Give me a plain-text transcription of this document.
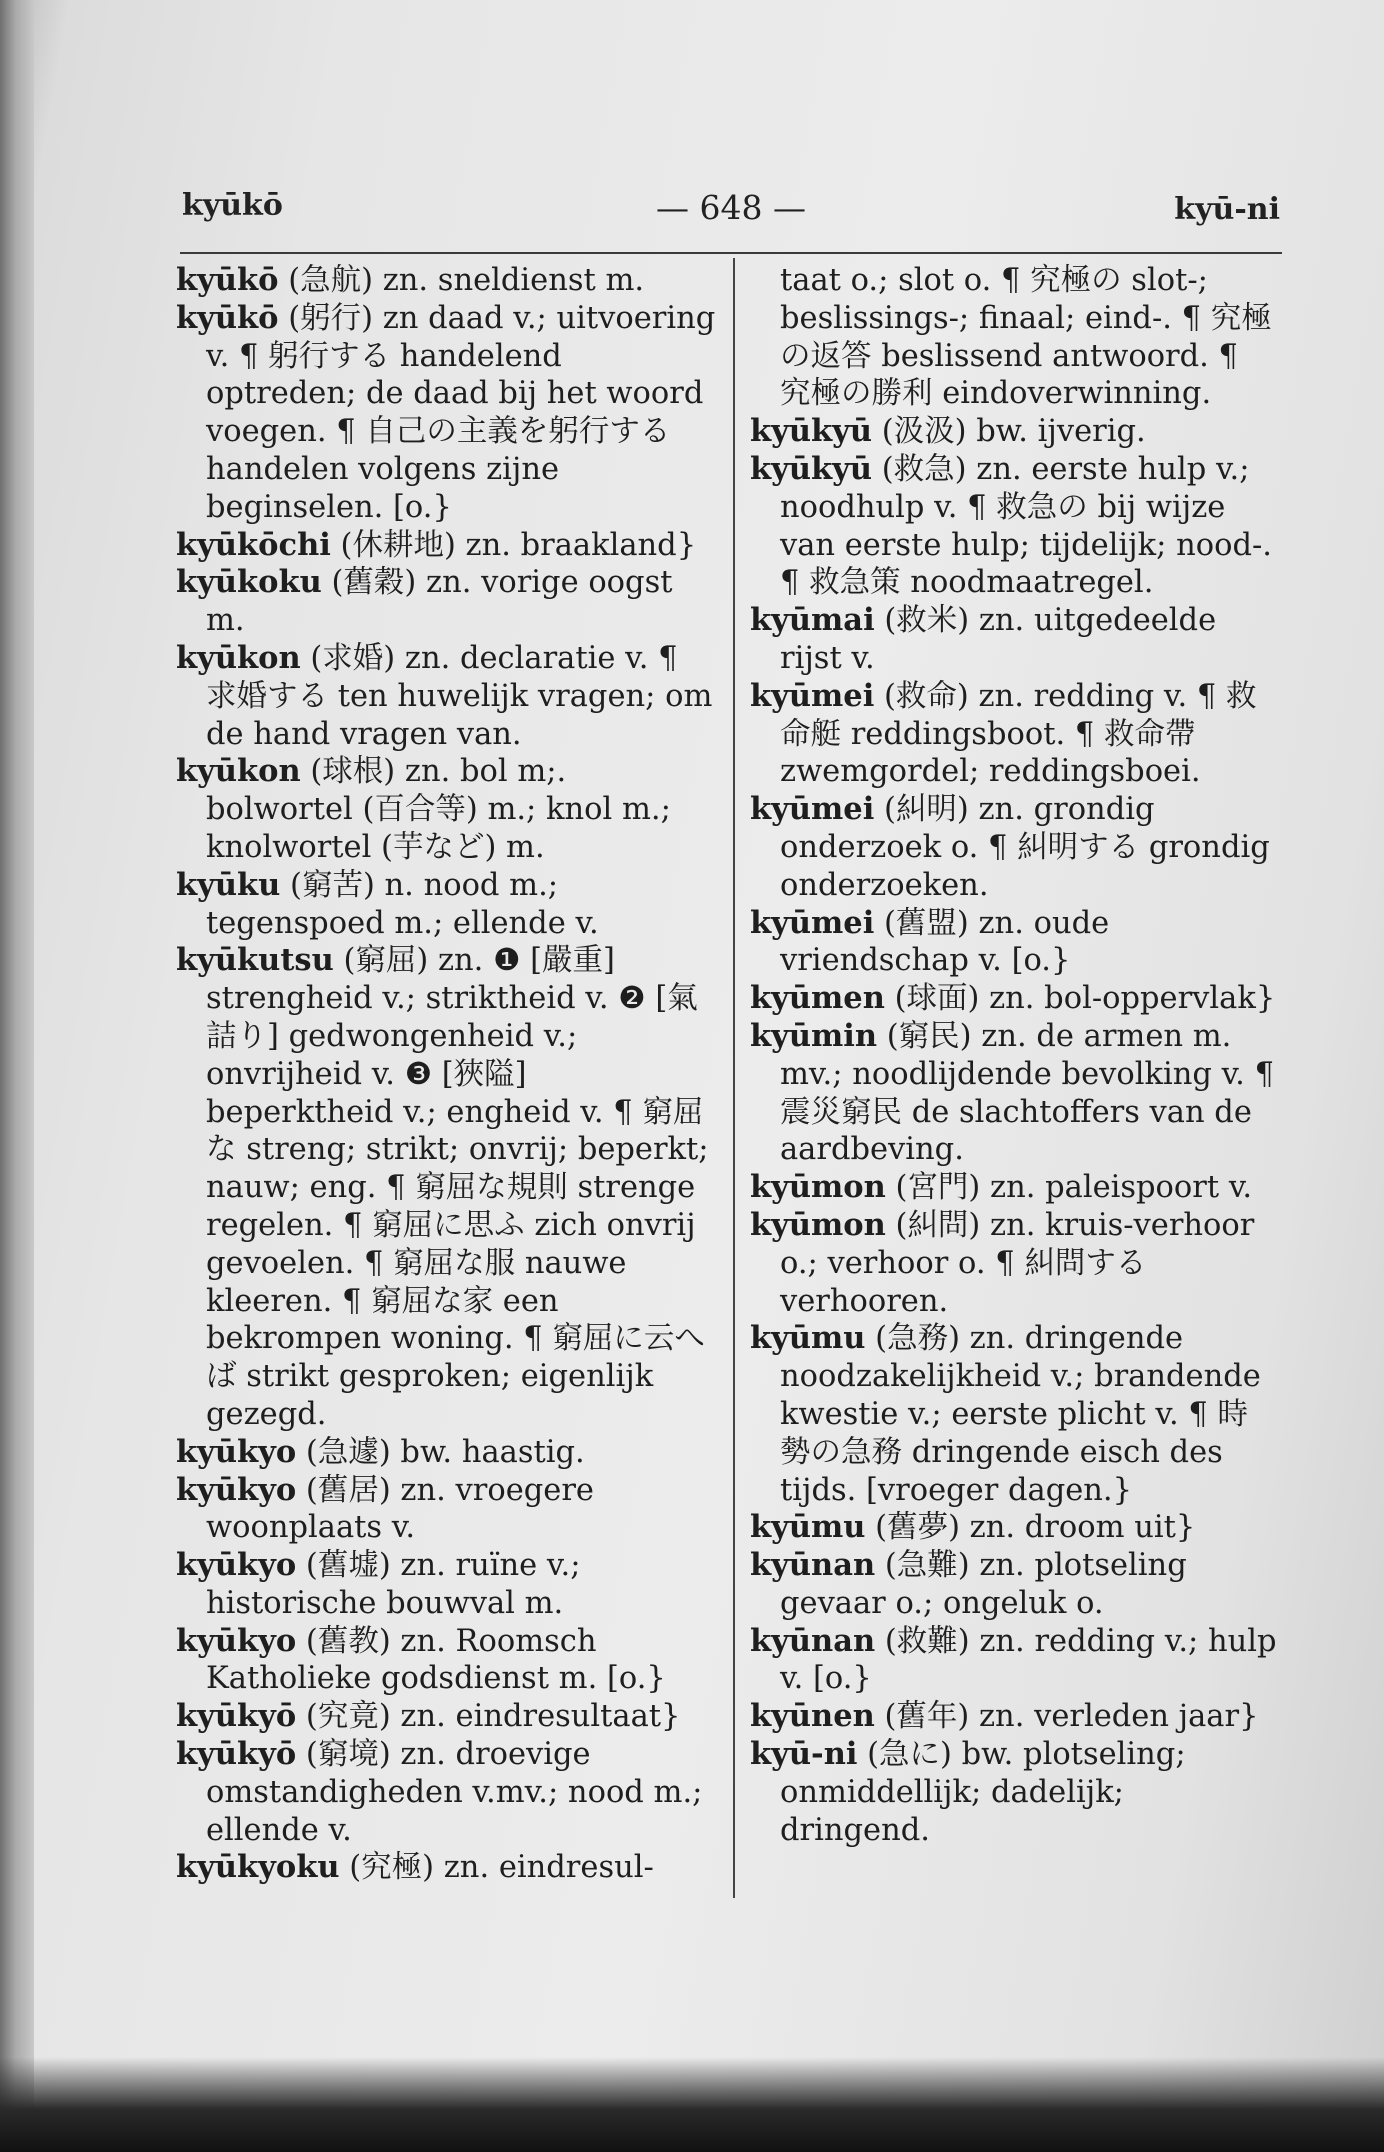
kyūkō	— 648 —	kyū-ni

kyūkō (急航) zn. sneldienst m.

kyūkō (躬行) zn daad v.; uitvoering v. ¶ 躬行する handelend optreden; de daad bij het woord voegen. ¶ 自己の主義を躬行する handelen volgens zijne beginselen. [o.}

kyūkōchi (休耕地) zn. braakland}

kyūkoku (舊穀) zn. vorige oogst m.

kyūkon (求婚) zn. declaratie v. ¶ 求婚する ten huwelijk vragen; om de hand vragen van.

kyūkon (球根) zn. bol m;. bolwortel (百合等) m.; knol m.; knolwortel (芋など) m.

kyūku (窮苦) n. nood m.; tegenspoed m.; ellende v.

kyūkutsu (窮屈) zn. ❶ [嚴重] strengheid v.; striktheid v. ❷ [氣詰り] gedwongenheid v.; onvrijheid v. ❸ [狹隘] beperktheid v.; engheid v. ¶ 窮屈な streng; strikt; onvrij; beperkt; nauw; eng. ¶ 窮屈な規則 strenge regelen. ¶ 窮屈に思ふ zich onvrij gevoelen. ¶ 窮屈な服 nauwe kleeren. ¶ 窮屈な家 een bekrompen woning. ¶ 窮屈に云へば strikt gesproken; eigenlijk gezegd.

kyūkyo (急遽) bw. haastig.

kyūkyo (舊居) zn. vroegere woonplaats v.

kyūkyo (舊墟) zn. ruïne v.; historische bouwval m.

kyūkyo (舊教) zn. Roomsch Katholieke godsdienst m. [o.}

kyūkyō (究竟) zn. eindresultaat}

kyūkyō (窮境) zn. droevige omstandigheden v.mv.; nood m.; ellende v.

kyūkyoku (究極) zn. eindresul-

taat o.; slot o. ¶ 究極の slot-; beslissings-; finaal; eind-. ¶ 究極の返答 beslissend antwoord. ¶ 究極の勝利 eindoverwinning.

kyūkyū (汲汲) bw. ijverig.

kyūkyū (救急) zn. eerste hulp v.; noodhulp v. ¶ 救急の bij wijze van eerste hulp; tijdelijk; nood-. ¶ 救急策 noodmaatregel.

kyūmai (救米) zn. uitgedeelde rijst v.

kyūmei (救命) zn. redding v. ¶ 救命艇 reddingsboot. ¶ 救命帶 zwemgordel; reddingsboei.

kyūmei (糾明) zn. grondig onderzoek o. ¶ 糾明する grondig onderzoeken.

kyūmei (舊盟) zn. oude vriendschap v. [o.}

kyūmen (球面) zn. bol-oppervlak}

kyūmin (窮民) zn. de armen m. mv.; noodlijdende bevolking v. ¶ 震災窮民 de slachtoffers van de aardbeving.

kyūmon (宮門) zn. paleispoort v.

kyūmon (糾問) zn. kruis-verhoor o.; verhoor o. ¶ 糾問する verhooren.

kyūmu (急務) zn. dringende noodzakelijkheid v.; brandende kwestie v.; eerste plicht v. ¶ 時勢の急務 dringende eisch des tijds. [vroeger dagen.}

kyūmu (舊夢) zn. droom uit}

kyūnan (急難) zn. plotseling gevaar o.; ongeluk o.

kyūnan (救難) zn. redding v.; hulp v. [o.}

kyūnen (舊年) zn. verleden jaar}

kyū-ni (急に) bw. plotseling; onmiddellijk; dadelijk; dringend.
